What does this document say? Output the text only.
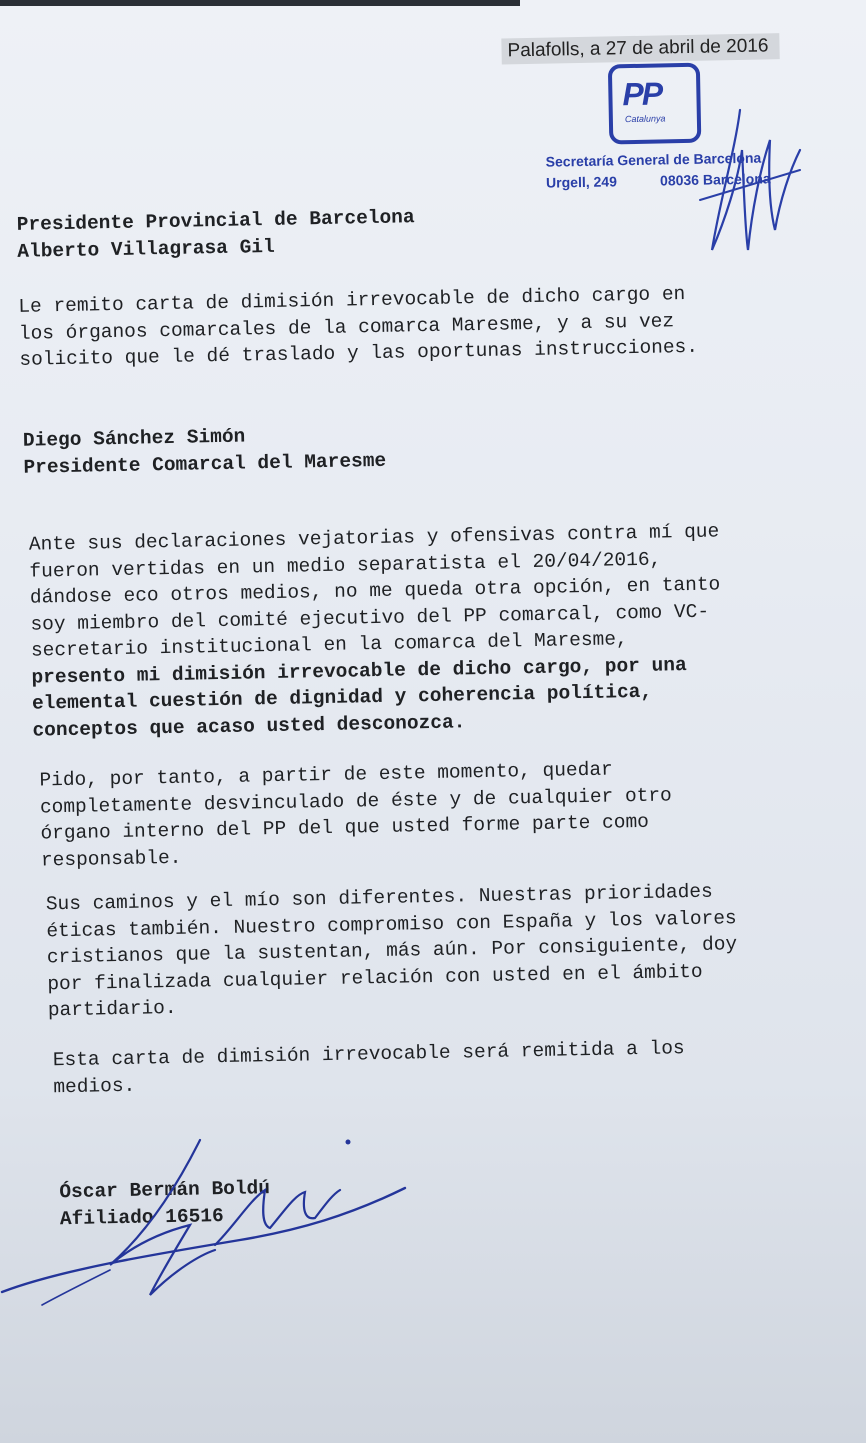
Palafolls, a 27 de abril de 2016
PP
Catalunya
Secretaría General de Barcelona
Urgell, 249	08036 Barcelona
Presidente Provincial de Barcelona
Alberto Villagrasa Gil
Le remito carta de dimisión irrevocable de dicho cargo en
los órganos comarcales de la comarca Maresme, y a su vez
solicito que le dé traslado y las oportunas instrucciones.
Diego Sánchez Simón
Presidente Comarcal del Maresme
Ante sus declaraciones vejatorias y ofensivas contra mí que
fueron vertidas en un medio separatista el 20/04/2016,
dándose eco otros medios, no me queda otra opción, en tanto
soy miembro del comité ejecutivo del PP comarcal, como VC-
secretario institucional en la comarca del Maresme,
presento mi dimisión irrevocable de dicho cargo, por una
elemental cuestión de dignidad y coherencia política,
conceptos que acaso usted desconozca.
Pido, por tanto, a partir de este momento, quedar
completamente desvinculado de éste y de cualquier otro
órgano interno del PP del que usted forme parte como
responsable.
Sus caminos y el mío son diferentes. Nuestras prioridades
éticas también. Nuestro compromiso con España y los valores
cristianos que la sustentan, más aún. Por consiguiente, doy
por finalizada cualquier relación con usted en el ámbito
partidario.
Esta carta de dimisión irrevocable será remitida a los
medios.
Óscar Bermán Boldú
Afiliado 16516
